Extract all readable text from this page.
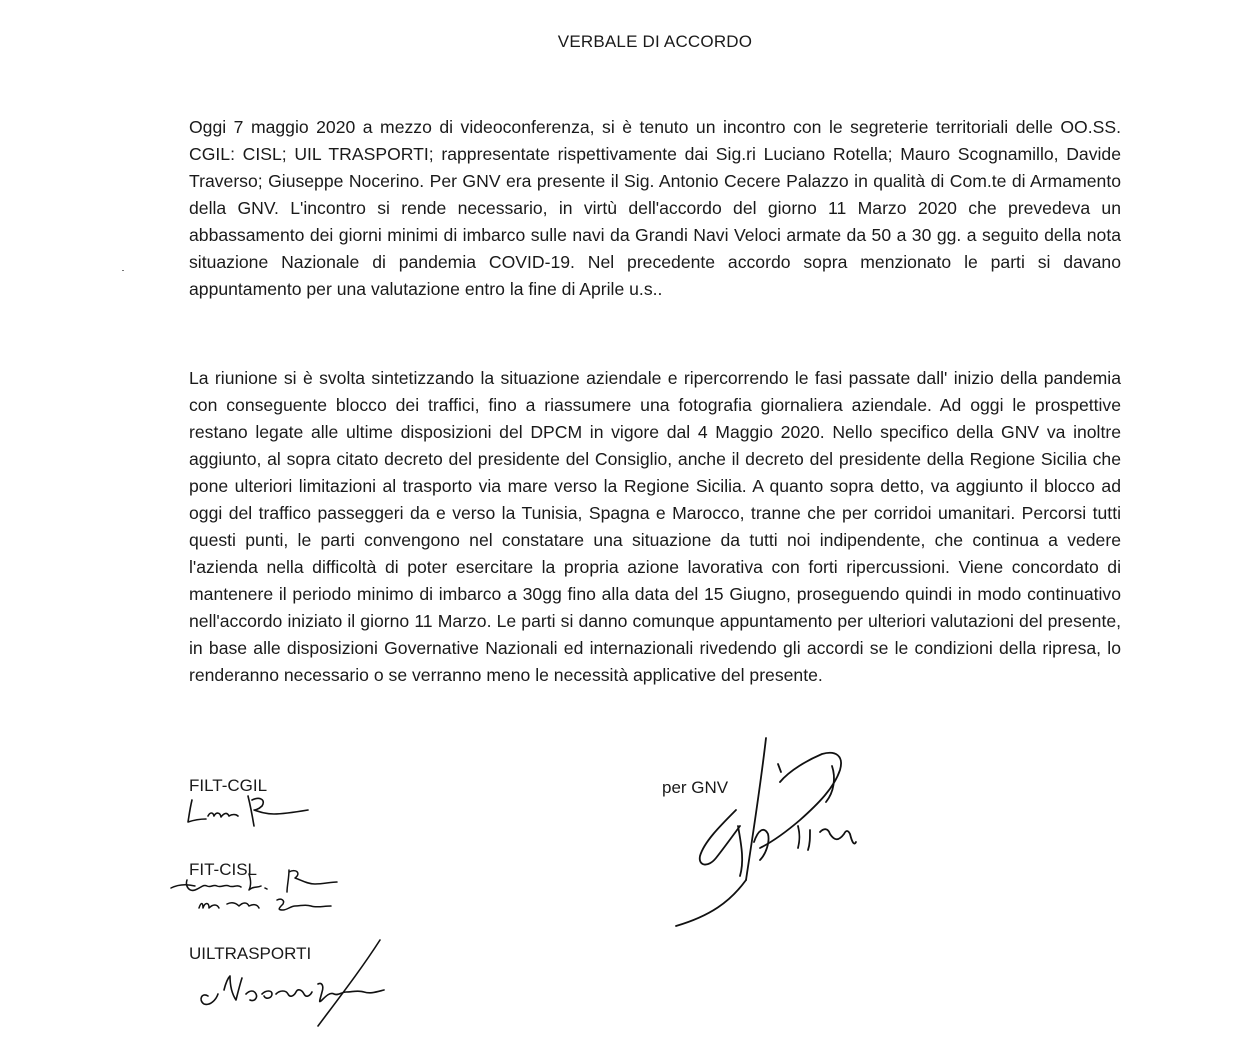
VERBALE DI ACCORDO

Oggi 7 maggio 2020 a mezzo di videoconferenza, si è tenuto un incontro con le segreterie territoriali delle OO.SS. CGIL: CISL; UIL TRASPORTI; rappresentate rispettivamente dai Sig.ri Luciano Rotella; Mauro Scognamillo, Davide Traverso; Giuseppe Nocerino. Per GNV era presente il Sig. Antonio Cecere Palazzo in qualità di Com.te di Armamento della GNV. L'incontro si rende necessario, in virtù dell'accordo del giorno 11 Marzo 2020 che prevedeva un abbassamento dei giorni minimi di imbarco sulle navi da Grandi Navi Veloci armate da 50 a 30 gg. a seguito della nota situazione Nazionale di pandemia COVID-19. Nel precedente accordo sopra menzionato le parti si davano appuntamento per una valutazione entro la fine di Aprile u.s..

La riunione si è svolta sintetizzando la situazione aziendale e ripercorrendo le fasi passate dall' inizio della pandemia con conseguente blocco dei traffici, fino a riassumere una fotografia giornaliera aziendale. Ad oggi le prospettive restano legate alle ultime disposizioni del DPCM in vigore dal 4 Maggio 2020. Nello specifico della GNV va inoltre aggiunto, al sopra citato decreto del presidente del Consiglio, anche il decreto del presidente della Regione Sicilia che pone ulteriori limitazioni al trasporto via mare verso la Regione Sicilia. A quanto sopra detto, va aggiunto il blocco ad oggi del traffico passeggeri da e verso la Tunisia, Spagna e Marocco, tranne che per corridoi umanitari. Percorsi tutti questi punti, le parti convengono nel constatare una situazione da tutti noi indipendente, che continua a vedere l'azienda nella difficoltà di poter esercitare la propria azione lavorativa con forti ripercussioni. Viene concordato di mantenere il periodo minimo di imbarco a 30gg fino alla data del 15 Giugno, proseguendo quindi in modo continuativo nell'accordo iniziato il giorno 11 Marzo. Le parti si danno comunque appuntamento per ulteriori valutazioni del presente, in base alle disposizioni Governative Nazionali ed internazionali rivedendo gli accordi se le condizioni della ripresa, lo renderanno necessario o se verranno meno le necessità applicative del presente.

FILT-CGIL
FIT-CISL
UILTRASPORTI
per GNV
